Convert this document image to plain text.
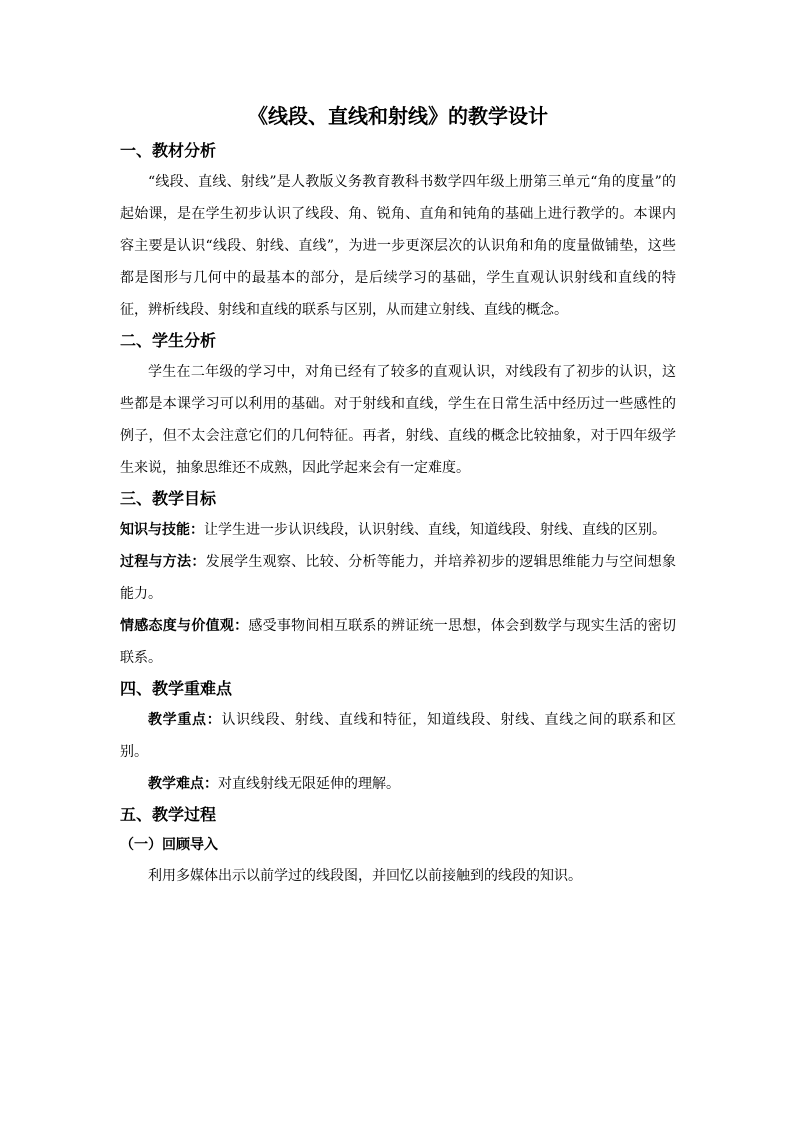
《线段、直线和射线》的教学设计
一、教材分析

“线段、直线、射线”是人教版义务教育教科书数学四年级上册第三单元“角的度量”的起始课，是在学生初步认识了线段、角、锐角、直角和钝角的基础上进行教学的。本课内容主要是认识“线段、射线、直线”，为进一步更深层次的认识角和角的度量做铺垫，这些都是图形与几何中的最基本的部分，是后续学习的基础，学生直观认识射线和直线的特征，辨析线段、射线和直线的联系与区别，从而建立射线、直线的概念。

二、学生分析

学生在二年级的学习中，对角已经有了较多的直观认识，对线段有了初步的认识，这些都是本课学习可以利用的基础。对于射线和直线，学生在日常生活中经历过一些感性的例子，但不太会注意它们的几何特征。再者，射线、直线的概念比较抽象，对于四年级学生来说，抽象思维还不成熟，因此学起来会有一定难度。

三、教学目标

知识与技能：让学生进一步认识线段，认识射线、直线，知道线段、射线、直线的区别。

过程与方法：发展学生观察、比较、分析等能力，并培养初步的逻辑思维能力与空间想象能力。

情感态度与价值观：感受事物间相互联系的辨证统一思想，体会到数学与现实生活的密切联系。

四、教学重难点

教学重点：认识线段、射线、直线和特征，知道线段、射线、直线之间的联系和区别。

教学难点：对直线射线无限延伸的理解。

五、教学过程
（一）回顾导入

利用多媒体出示以前学过的线段图，并回忆以前接触到的线段的知识。
